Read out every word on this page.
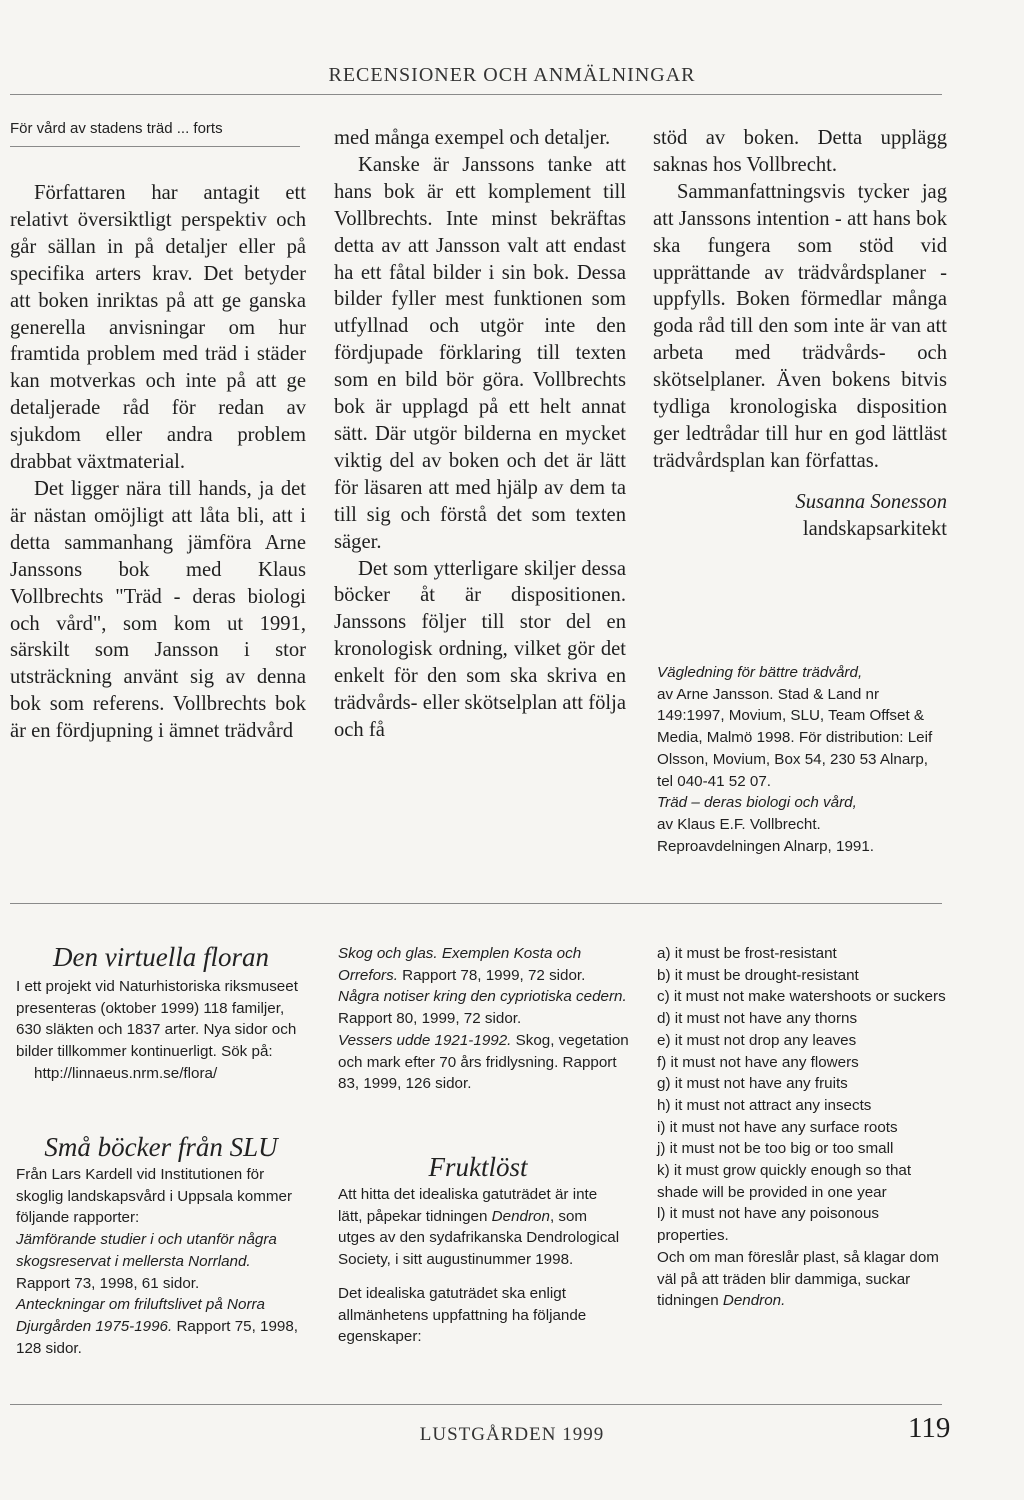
RECENSIONER OCH ANMÄLNINGAR
För vård av stadens träd ... forts

Författaren har antagit ett relativt översiktligt perspektiv och går sällan in på detaljer eller på specifika arters krav. Det betyder att boken inriktas på att ge ganska generella anvisningar om hur framtida problem med träd i städer kan motverkas och inte på att ge detaljerade råd för redan av sjukdom eller andra problem drabbat växtmaterial.

Det ligger nära till hands, ja det är nästan omöjligt att låta bli, att i detta sammanhang jämföra Arne Janssons bok med Klaus Vollbrechts "Träd - deras biologi och vård", som kom ut 1991, särskilt som Jansson i stor utsträckning använt sig av denna bok som referens. Vollbrechts bok är en fördjupning i ämnet trädvård

med många exempel och detaljer.

Kanske är Janssons tanke att hans bok är ett komplement till Vollbrechts. Inte minst bekräftas detta av att Jansson valt att endast ha ett fåtal bilder i sin bok. Dessa bilder fyller mest funktionen som utfyllnad och utgör inte den fördjupade förklaring till texten som en bild bör göra. Vollbrechts bok är upplagd på ett helt annat sätt. Där utgör bilderna en mycket viktig del av boken och det är lätt för läsaren att med hjälp av dem ta till sig och förstå det som texten säger.

Det som ytterligare skiljer dessa böcker åt är dispositionen. Janssons följer till stor del en kronologisk ordning, vilket gör det enkelt för den som ska skriva en trädvårds- eller skötselplan att följa och få

stöd av boken. Detta upplägg saknas hos Vollbrecht.

Sammanfattningsvis tycker jag att Janssons intention - att hans bok ska fungera som stöd vid upprättande av trädvårdsplaner - uppfylls. Boken förmedlar många goda råd till den som inte är van att arbeta med trädvårds- och skötselplaner. Även bokens bitvis tydliga kronologiska disposition ger ledtrådar till hur en god lättläst trädvårdsplan kan författas.

Susanna Sonesson

landskapsarkitekt

Vägledning för bättre trädvård,

av Arne Jansson. Stad & Land nr 149:1997, Movium, SLU, Team Offset & Media, Malmö 1998. För distribution: Leif Olsson, Movium, Box 54, 230 53 Alnarp, tel 040-41 52 07.

Träd – deras biologi och vård,

av Klaus E.F. Vollbrecht. Reproavdelningen Alnarp, 1991.

Den virtuella floran

I ett projekt vid Naturhistoriska riksmuseet presenteras (oktober 1999) 118 familjer, 630 släkten och 1837 arter. Nya sidor och bilder tillkommer kontinuerligt. Sök på:

http://linnaeus.nrm.se/flora/

Små böcker från SLU

Från Lars Kardell vid Institutionen för skoglig landskapsvård i Uppsala kommer följande rapporter:

Jämförande studier i och utanför några skogsreservat i mellersta Norrland. Rapport 73, 1998, 61 sidor.

Anteckningar om friluftslivet på Norra Djurgården 1975-1996. Rapport 75, 1998, 128 sidor.

Skog och glas. Exemplen Kosta och Orrefors. Rapport 78, 1999, 72 sidor.

Några notiser kring den cypriotiska cedern. Rapport 80, 1999, 72 sidor.

Vessers udde 1921-1992. Skog, vegetation och mark efter 70 års fridlysning. Rapport 83, 1999, 126 sidor.

Fruktlöst

Att hitta det idealiska gatuträdet är inte lätt, påpekar tidningen Dendron, som utges av den sydafrikanska Dendrological Society, i sitt augustinummer 1998.

Det idealiska gatuträdet ska enligt allmänhetens uppfattning ha följande egenskaper:

a) it must be frost-resistant

b) it must be drought-resistant

c) it must not make watershoots or suckers

d) it must not have any thorns

e) it must not drop any leaves

f) it must not have any flowers

g) it must not have any fruits

h) it must not attract any insects

i) it must not have any surface roots

j) it must not be too big or too small

k) it must grow quickly enough so that shade will be provided in one year

l) it must not have any poisonous properties.

Och om man föreslår plast, så klagar dom väl på att träden blir dammiga, suckar tidningen Dendron.

LUSTGÅRDEN 1999	119
